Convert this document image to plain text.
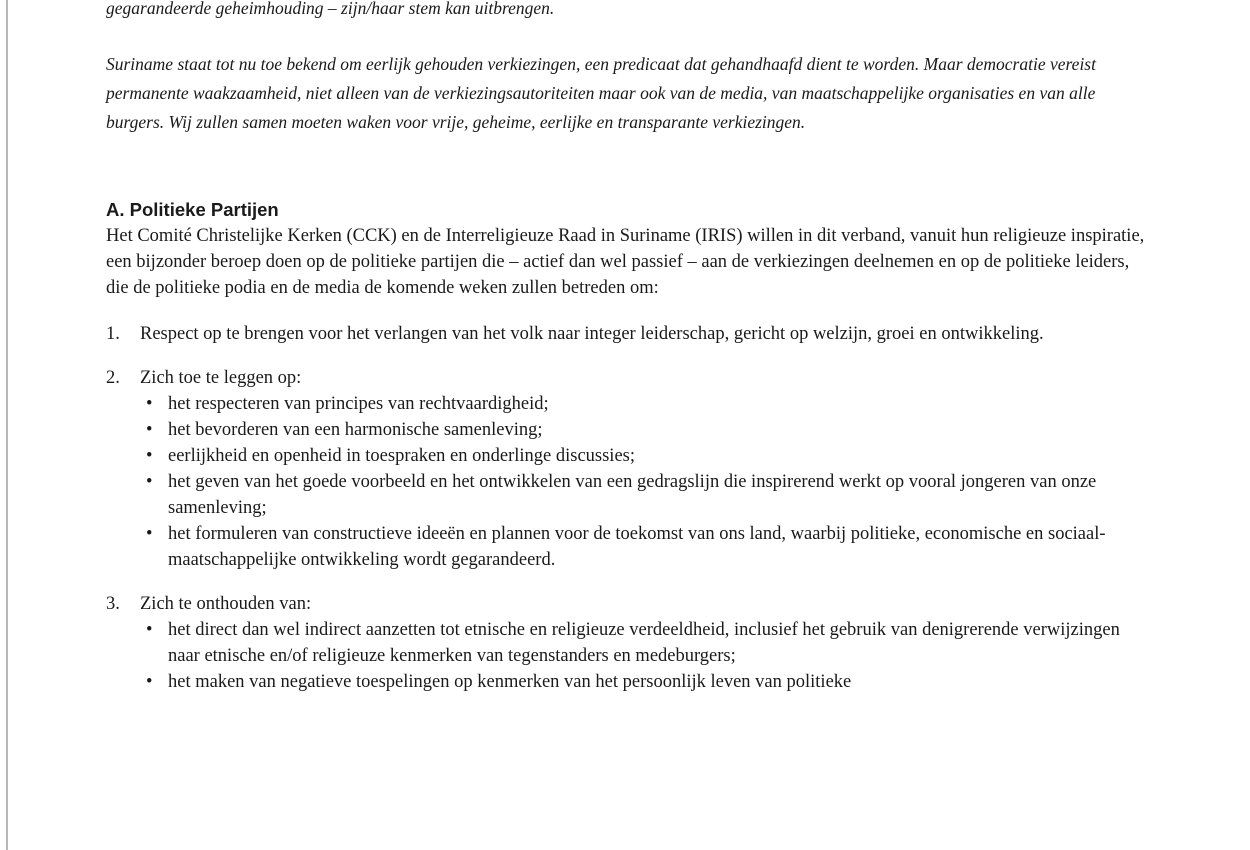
gegarandeerde geheimhouding – zijn/haar stem kan uitbrengen.

Suriname staat tot nu toe bekend om eerlijk gehouden verkiezingen, een predicaat dat gehandhaafd dient te worden. Maar democratie vereist permanente waakzaamheid, niet alleen van de verkiezingsautoriteiten maar ook van de media, van maatschappelijke organisaties en van alle burgers. Wij zullen samen moeten waken voor vrije, geheime, eerlijke en transparante verkiezingen.

A. Politieke Partijen

Het Comité Christelijke Kerken (CCK) en de Interreligieuze Raad in Suriname (IRIS) willen in dit verband, vanuit hun religieuze inspiratie, een bijzonder beroep doen op de politieke partijen die – actief dan wel passief – aan de verkiezingen deelnemen en op de politieke leiders, die de politieke podia en de media de komende weken zullen betreden om:

1. Respect op te brengen voor het verlangen van het volk naar integer leiderschap, gericht op welzijn, groei en ontwikkeling.
2. Zich toe te leggen op:
• het respecteren van principes van rechtvaardigheid;
• het bevorderen van een harmonische samenleving;
• eerlijkheid en openheid in toespraken en onderlinge discussies;
• het geven van het goede voorbeeld en het ontwikkelen van een gedragslijn die inspirerend werkt op vooral jongeren van onze samenleving;
• het formuleren van constructieve ideeën en plannen voor de toekomst van ons land, waarbij politieke, economische en sociaal-maatschappelijke ontwikkeling wordt gegarandeerd.
3. Zich te onthouden van:
• het direct dan wel indirect aanzetten tot etnische en religieuze verdeeldheid, inclusief het gebruik van denigrerende verwijzingen naar etnische en/of religieuze kenmerken van tegenstanders en medeburgers;
• het maken van negatieve toespelingen op kenmerken van het persoonlijk leven van politieke
